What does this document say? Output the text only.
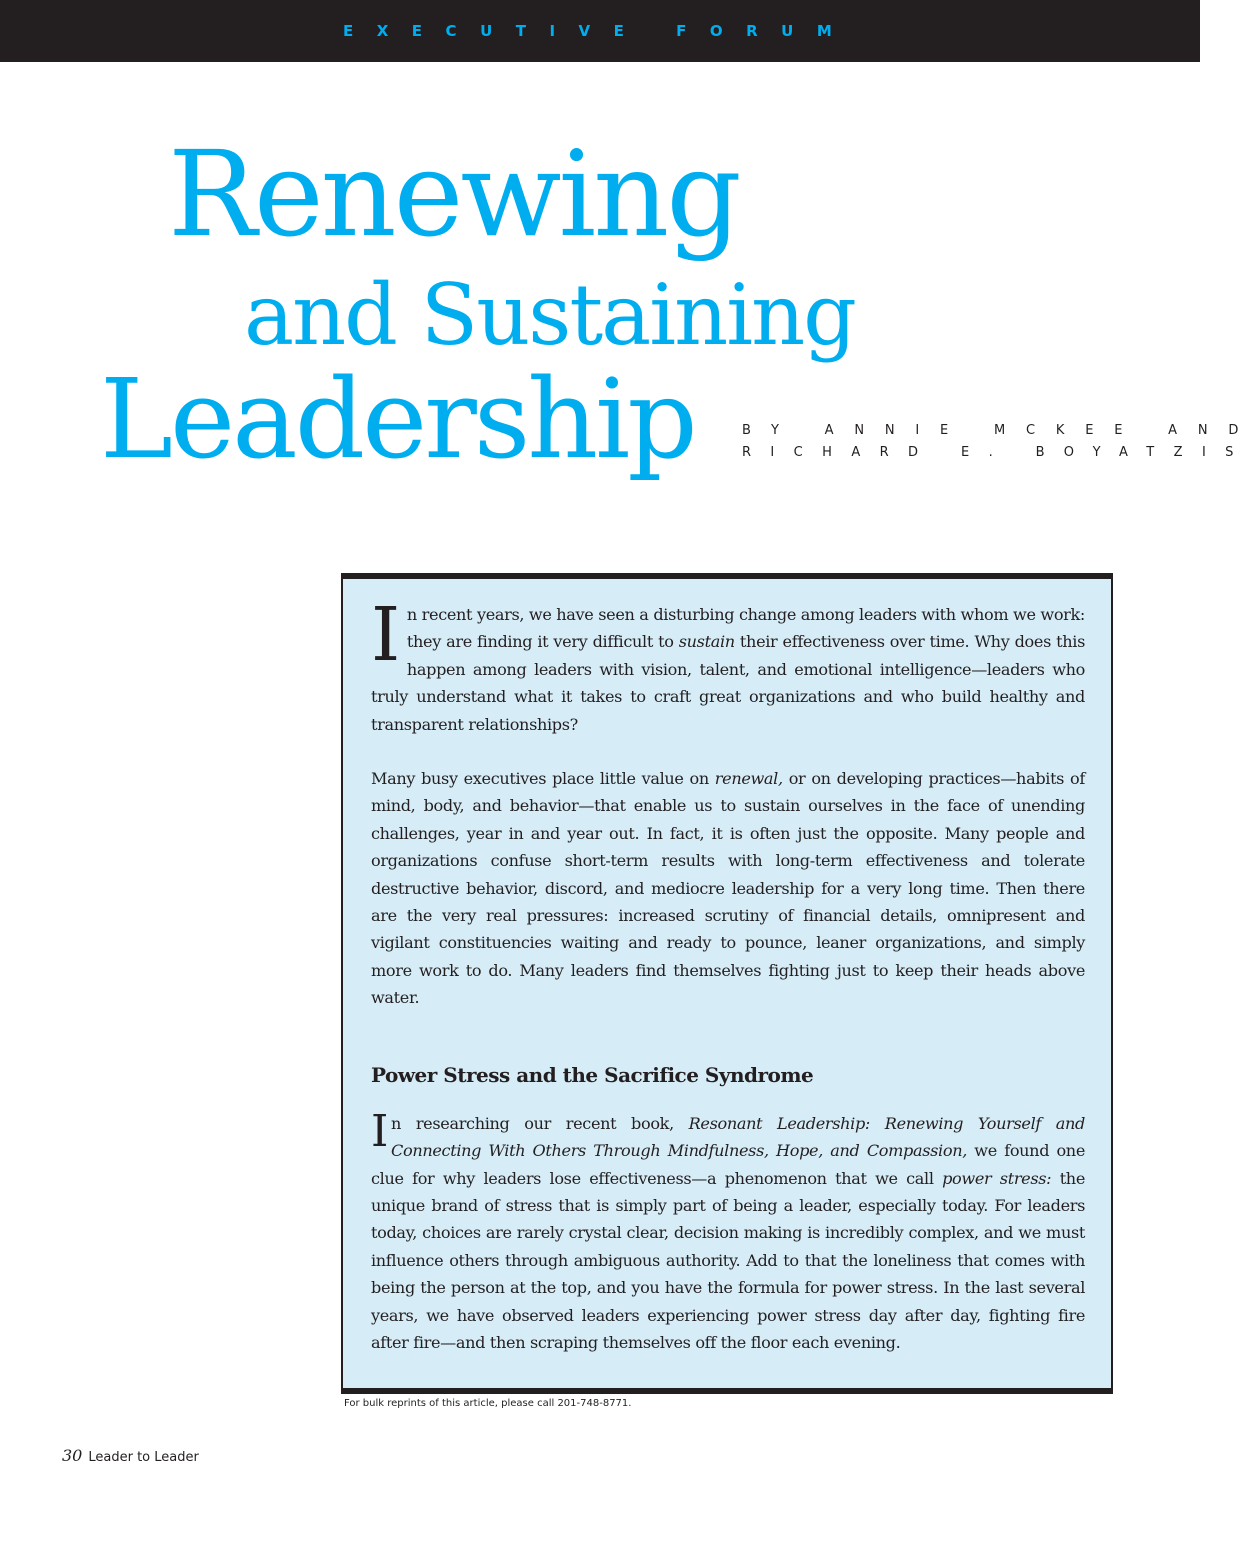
EXECUTIVE FORUM
Renewing
and Sustaining
Leadership	BY ANNIE MCKEE AND
RICHARD E. BOYATZIS

In recent years, we have seen a disturbing change among leaders with whom we work: they are finding it very difficult to sustain their effectiveness over time. Why does this happen among leaders with vision, talent, and emotional intelligence—leaders who truly understand what it takes to craft great organizations and who build healthy and transparent relationships?

Many busy executives place little value on renewal, or on developing practices—habits of mind, body, and behavior—that enable us to sustain ourselves in the face of unending challenges, year in and year out. In fact, it is often just the opposite. Many people and organizations confuse short-term results with long-term effectiveness and tolerate destructive behavior, discord, and mediocre leadership for a very long time. Then there are the very real pressures: increased scrutiny of financial details, omnipresent and vigilant constituencies waiting and ready to pounce, leaner organizations, and simply more work to do. Many leaders find themselves fighting just to keep their heads above water.

Power Stress and the Sacrifice Syndrome

In researching our recent book, Resonant Leadership: Renewing Yourself and Connecting With Others Through Mindfulness, Hope, and Compassion, we found one clue for why leaders lose effectiveness—a phenomenon that we call power stress: the unique brand of stress that is simply part of being a leader, especially today. For leaders today, choices are rarely crystal clear, decision making is incredibly complex, and we must influence others through ambiguous authority. Add to that the loneliness that comes with being the person at the top, and you have the formula for power stress. In the last several years, we have observed leaders experiencing power stress day after day, fighting fire after fire—and then scraping themselves off the floor each evening.

For bulk reprints of this article, please call 201-748-8771.
30 Leader to Leader
